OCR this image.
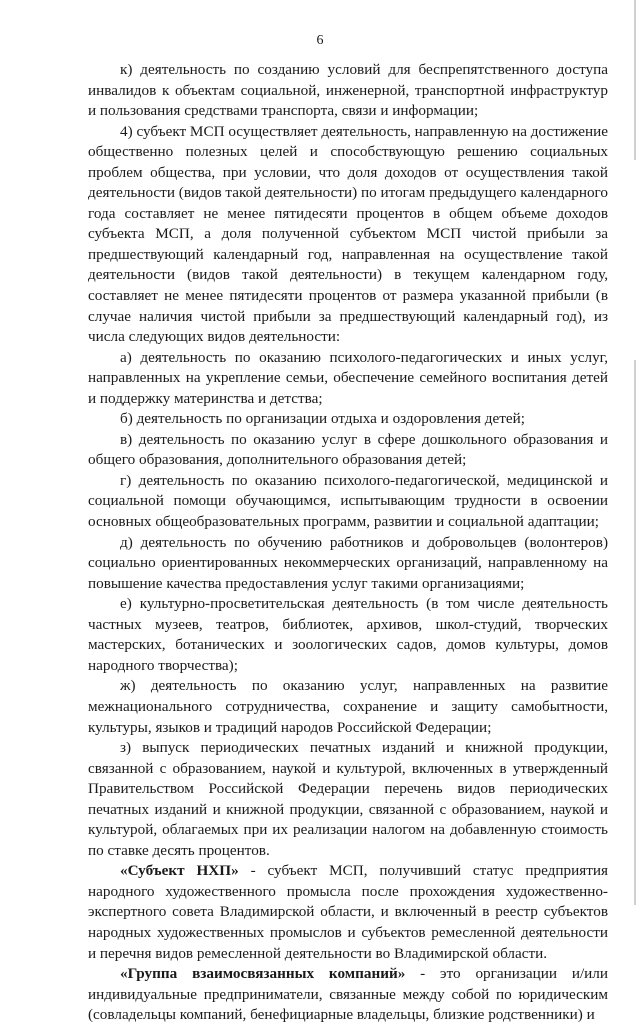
6

к) деятельность по созданию условий для беспрепятственного доступа инвалидов к объектам социальной, инженерной, транспортной инфраструктур и пользования средствами транспорта, связи и информации;

4) субъект МСП осуществляет деятельность, направленную на достижение общественно полезных целей и способствующую решению социальных проблем общества, при условии, что доля доходов от осуществления такой деятельности (видов такой деятельности) по итогам предыдущего календарного года составляет не менее пятидесяти процентов в общем объеме доходов субъекта МСП, а доля полученной субъектом МСП чистой прибыли за предшествующий календарный год, направленная на осуществление такой деятельности (видов такой деятельности) в текущем календарном году, составляет не менее пятидесяти процентов от размера указанной прибыли (в случае наличия чистой прибыли за предшествующий календарный год), из числа следующих видов деятельности:

а) деятельность по оказанию психолого-педагогических и иных услуг, направленных на укрепление семьи, обеспечение семейного воспитания детей и поддержку материнства и детства;

б) деятельность по организации отдыха и оздоровления детей;

в) деятельность по оказанию услуг в сфере дошкольного образования и общего образования, дополнительного образования детей;

г) деятельность по оказанию психолого-педагогической, медицинской и социальной помощи обучающимся, испытывающим трудности в освоении основных общеобразовательных программ, развитии и социальной адаптации;

д) деятельность по обучению работников и добровольцев (волонтеров) социально ориентированных некоммерческих организаций, направленному на повышение качества предоставления услуг такими организациями;

е) культурно-просветительская деятельность (в том числе деятельность частных музеев, театров, библиотек, архивов, школ-студий, творческих мастерских, ботанических и зоологических садов, домов культуры, домов народного творчества);

ж) деятельность по оказанию услуг, направленных на развитие межнационального сотрудничества, сохранение и защиту самобытности, культуры, языков и традиций народов Российской Федерации;

з) выпуск периодических печатных изданий и книжной продукции, связанной с образованием, наукой и культурой, включенных в утвержденный Правительством Российской Федерации перечень видов периодических печатных изданий и книжной продукции, связанной с образованием, наукой и культурой, облагаемых при их реализации налогом на добавленную стоимость по ставке десять процентов.

«Субъект НХП» - субъект МСП, получивший статус предприятия народного художественного промысла после прохождения художественно-экспертного совета Владимирской области, и включенный в реестр субъектов народных художественных промыслов и субъектов ремесленной деятельности и перечня видов ремесленной деятельности во Владимирской области.

«Группа взаимосвязанных компаний» - это организации и/или индивидуальные предприниматели, связанные между собой по юридическим (совладельцы компаний, бенефициарные владельцы, близкие родственники) и
